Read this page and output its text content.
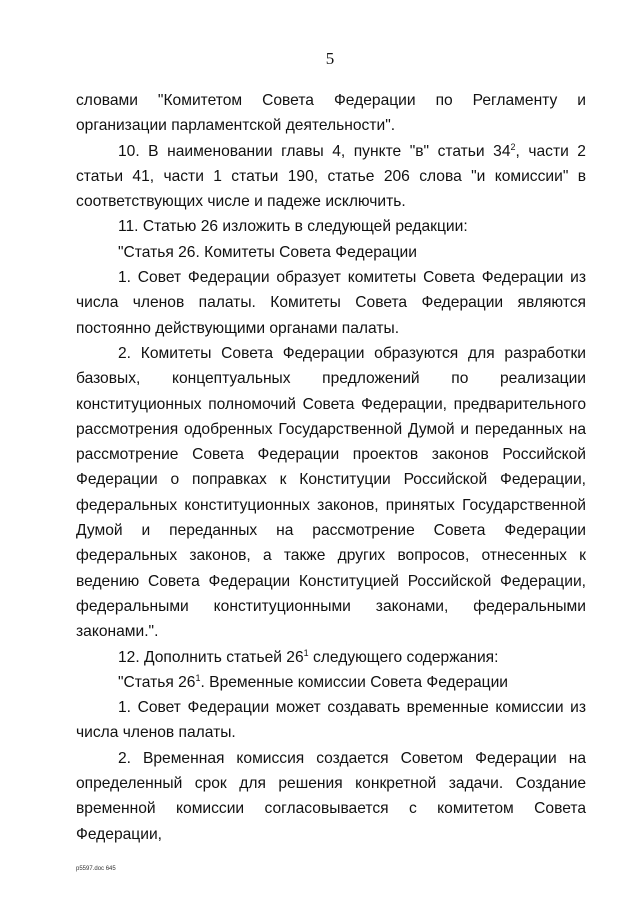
5

словами "Комитетом Совета Федерации по Регламенту и организации парламентской деятельности".

10. В наименовании главы 4, пункте "в" статьи $34^2$, части 2 статьи 41, части 1 статьи 190, статье 206 слова "и комиссии" в соответствующих числе и падеже исключить.

11. Статью 26 изложить в следующей редакции:

"Статья 26. Комитеты Совета Федерации

1. Совет Федерации образует комитеты Совета Федерации из числа членов палаты. Комитеты Совета Федерации являются постоянно действующими органами палаты.

2. Комитеты Совета Федерации образуются для разработки базовых, концептуальных предложений по реализации конституционных полномочий Совета Федерации, предварительного рассмотрения одобренных Государственной Думой и переданных на рассмотрение Совета Федерации проектов законов Российской Федерации о поправках к Конституции Российской Федерации, федеральных конституционных законов, принятых Государственной Думой и переданных на рассмотрение Совета Федерации федеральных законов, а также других вопросов, отнесенных к ведению Совета Федерации Конституцией Российской Федерации, федеральными конституционными законами, федеральными законами.".

12. Дополнить статьей $26^1$ следующего содержания:

"Статья $26^1$. Временные комиссии Совета Федерации

1. Совет Федерации может создавать временные комиссии из числа членов палаты.

2. Временная комиссия создается Советом Федерации на определенный срок для решения конкретной задачи. Создание временной комиссии согласовывается с комитетом Совета Федерации,

p5597.doc 645
